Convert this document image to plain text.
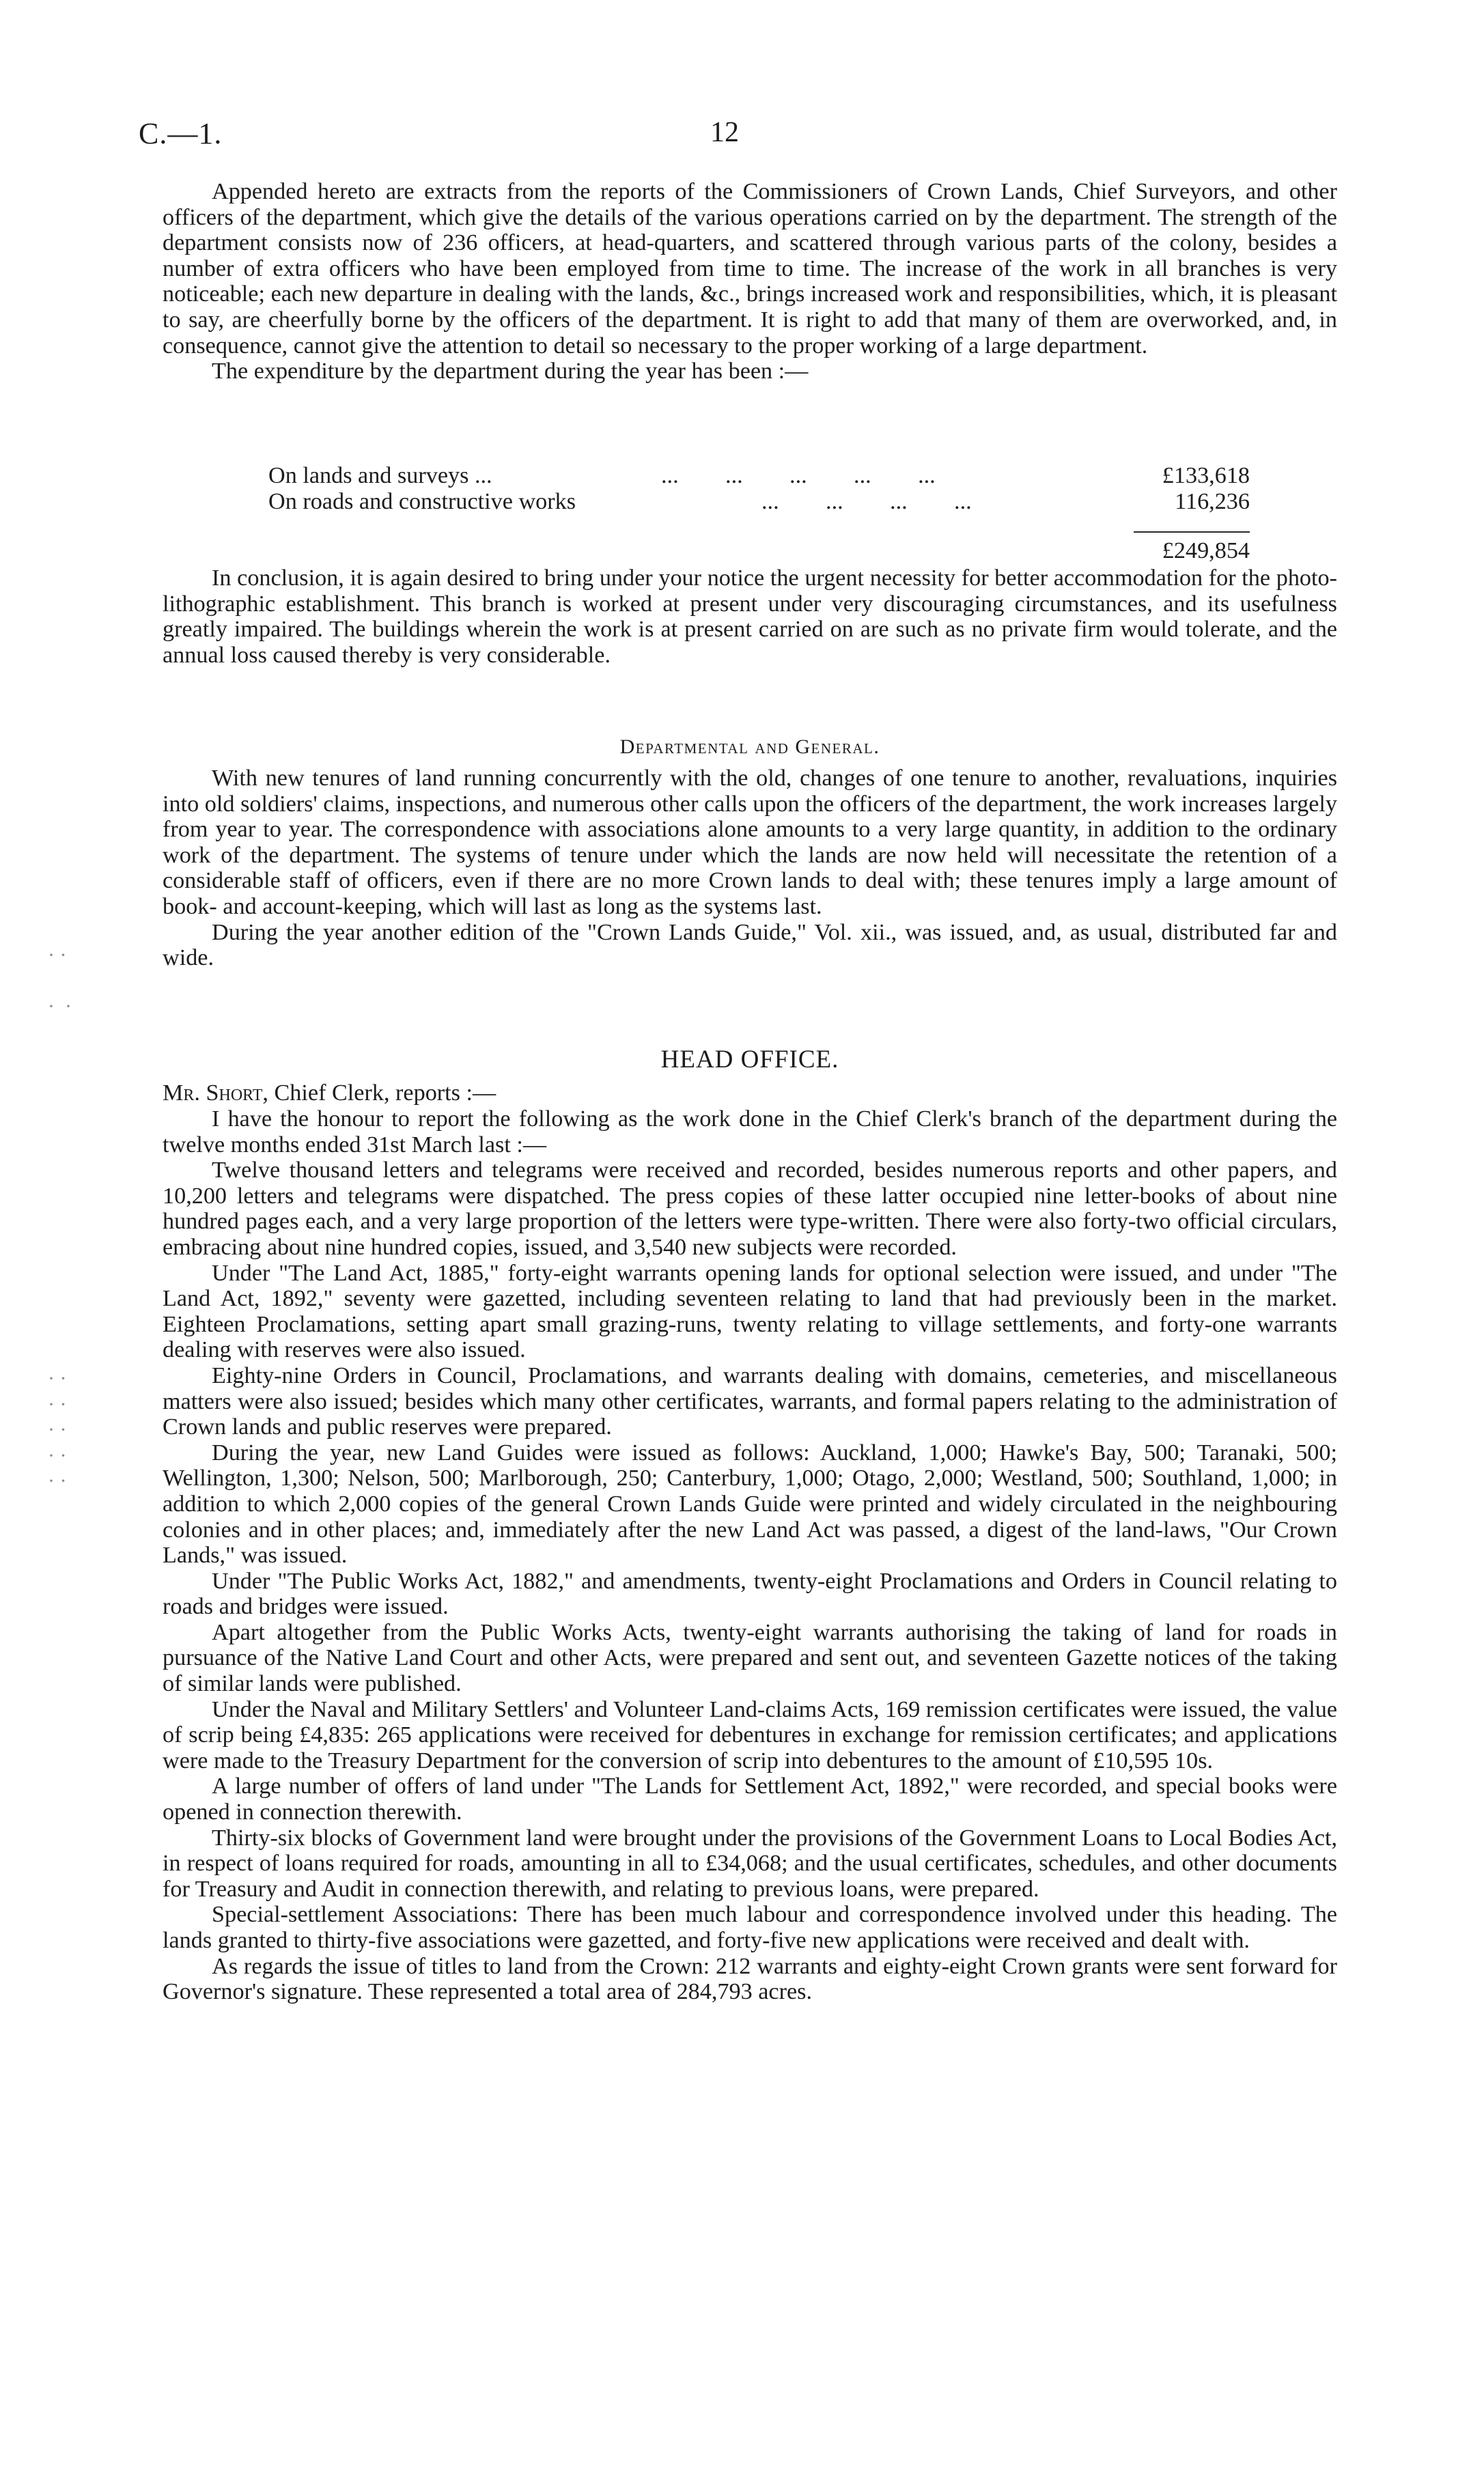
C.—1.	12

Appended hereto are extracts from the reports of the Commissioners of Crown Lands, Chief Surveyors, and other officers of the department, which give the details of the various operations carried on by the department. The strength of the department consists now of 236 officers, at head-quarters, and scattered through various parts of the colony, besides a number of extra officers who have been employed from time to time. The increase of the work in all branches is very noticeable; each new departure in dealing with the lands, &c., brings increased work and responsibilities, which, it is pleasant to say, are cheerfully borne by the officers of the department. It is right to add that many of them are overworked, and, in consequence, cannot give the attention to detail so necessary to the proper working of a large department.

The expenditure by the department during the year has been :—

On lands and surveys ...	...        ...        ...        ...        ...	£133,618
On roads and constructive works	...        ...        ...        ...	116,236
£249,854

In conclusion, it is again desired to bring under your notice the urgent necessity for better accommodation for the photo-lithographic establishment. This branch is worked at present under very discouraging circumstances, and its usefulness greatly impaired. The buildings wherein the work is at present carried on are such as no private firm would tolerate, and the annual loss caused thereby is very considerable.

Departmental and General.

With new tenures of land running concurrently with the old, changes of one tenure to another, revaluations, inquiries into old soldiers' claims, inspections, and numerous other calls upon the officers of the department, the work increases largely from year to year. The correspondence with associations alone amounts to a very large quantity, in addition to the ordinary work of the department. The systems of tenure under which the lands are now held will necessitate the retention of a considerable staff of officers, even if there are no more Crown lands to deal with; these tenures imply a large amount of book- and account-keeping, which will last as long as the systems last.

During the year another edition of the "Crown Lands Guide," Vol. xii., was issued, and, as usual, distributed far and wide.

HEAD OFFICE.
Mr. Short, Chief Clerk, reports :—

I have the honour to report the following as the work done in the Chief Clerk's branch of the department during the twelve months ended 31st March last :—

Twelve thousand letters and telegrams were received and recorded, besides numerous reports and other papers, and 10,200 letters and telegrams were dispatched. The press copies of these latter occupied nine letter-books of about nine hundred pages each, and a very large proportion of the letters were type-written. There were also forty-two official circulars, embracing about nine hundred copies, issued, and 3,540 new subjects were recorded.

Under "The Land Act, 1885," forty-eight warrants opening lands for optional selection were issued, and under "The Land Act, 1892," seventy were gazetted, including seventeen relating to land that had previously been in the market. Eighteen Proclamations, setting apart small grazing-runs, twenty relating to village settlements, and forty-one warrants dealing with reserves were also issued.

Eighty-nine Orders in Council, Proclamations, and warrants dealing with domains, cemeteries, and miscellaneous matters were also issued; besides which many other certificates, warrants, and formal papers relating to the administration of Crown lands and public reserves were prepared.

During the year, new Land Guides were issued as follows: Auckland, 1,000; Hawke's Bay, 500; Taranaki, 500; Wellington, 1,300; Nelson, 500; Marlborough, 250; Canterbury, 1,000; Otago, 2,000; Westland, 500; Southland, 1,000; in addition to which 2,000 copies of the general Crown Lands Guide were printed and widely circulated in the neighbouring colonies and in other places; and, immediately after the new Land Act was passed, a digest of the land-laws, "Our Crown Lands," was issued.

Under "The Public Works Act, 1882," and amendments, twenty-eight Proclamations and Orders in Council relating to roads and bridges were issued.

Apart altogether from the Public Works Acts, twenty-eight warrants authorising the taking of land for roads in pursuance of the Native Land Court and other Acts, were prepared and sent out, and seventeen Gazette notices of the taking of similar lands were published.

Under the Naval and Military Settlers' and Volunteer Land-claims Acts, 169 remission certificates were issued, the value of scrip being £4,835: 265 applications were received for debentures in exchange for remission certificates; and applications were made to the Treasury Department for the conversion of scrip into debentures to the amount of £10,595 10s.

A large number of offers of land under "The Lands for Settlement Act, 1892," were recorded, and special books were opened in connection therewith.

Thirty-six blocks of Government land were brought under the provisions of the Government Loans to Local Bodies Act, in respect of loans required for roads, amounting in all to £34,068; and the usual certificates, schedules, and other documents for Treasury and Audit in connection therewith, and relating to previous loans, were prepared.

Special-settlement Associations: There has been much labour and correspondence involved under this heading. The lands granted to thirty-five associations were gazetted, and forty-five new applications were received and dealt with.

As regards the issue of titles to land from the Crown: 212 warrants and eighty-eight Crown grants were sent forward for Governor's signature. These represented a total area of 284,793 acres.

· ·

·  ·

· ·
· ·
· ·
· ·
· ·
